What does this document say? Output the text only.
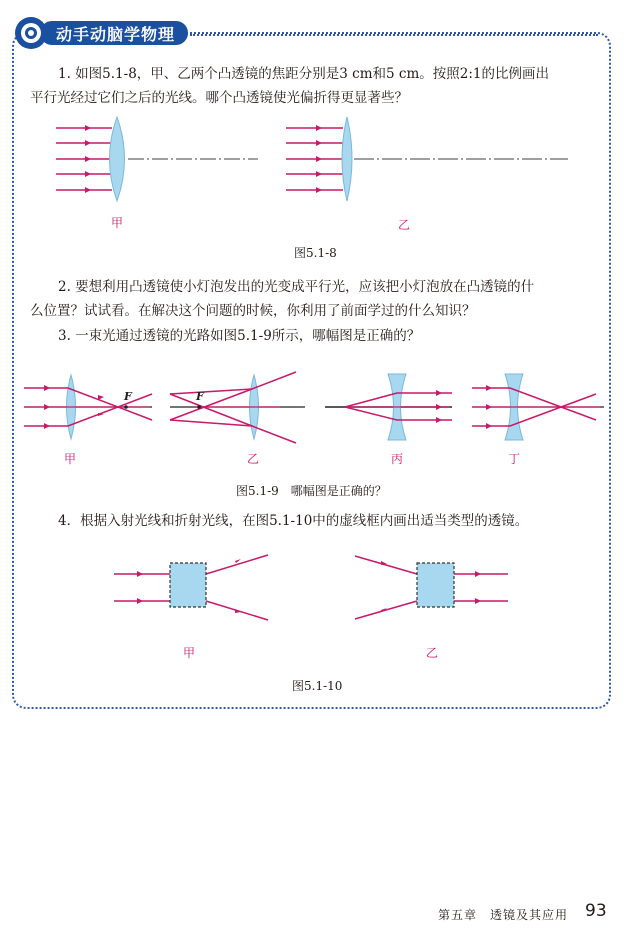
动手动脑学物理
1. 如图5.1-8，甲、乙两个凸透镜的焦距分别是3 cm和5 cm。按照2:1的比例画出
平行光经过它们之后的光线。哪个凸透镜使光偏折得更显著些？
甲	乙
图5.1-8
2. 要想利用凸透镜使小灯泡发出的光变成平行光，应该把小灯泡放在凸透镜的什
么位置？试试看。在解决这个问题的时候，你利用了前面学过的什么知识？
3. 一束光通过透镜的光路如图5.1-9所示，哪幅图是正确的？
F	F
甲	乙	丙	丁
图5.1-9　哪幅图是正确的？
4．根据入射光线和折射光线，在图5.1-10中的虚线框内画出适当类型的透镜。
甲	乙
图5.1-10
第五章　透镜及其应用 93
